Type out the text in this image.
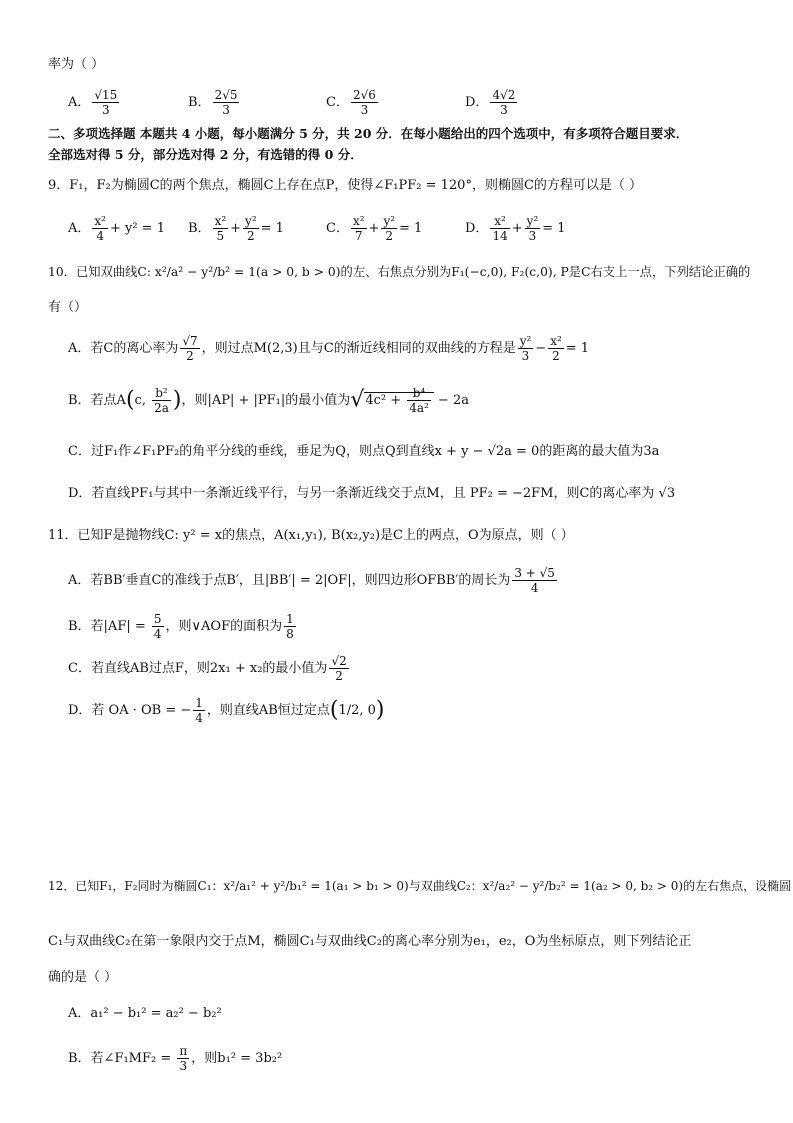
率为（ ）
A． $\frac{√15}{3}$	B． $\frac{2√5}{3}$	C． $\frac{2√6}{3}$	D． $\frac{4√2}{3}$
二、多项选择题 本题共 4 小题，每小题满分 5 分，共 20 分．在每小题给出的四个选项中，有多项符合题目要求．
全部选对得 5 分，部分选对得 2 分，有选错的得 0 分．
9．F₁，F₂为椭圆C的两个焦点，椭圆C上存在点P，使得∠F₁PF₂ = 120°，则椭圆C的方程可以是（ ）
A． $\frac{\text{x²}}{4} + y^2 = 1$ B． $\frac{\text{x²}}{5} + \frac{\text{y²}}{2} = 1$	C． $\frac{\text{x²}}{7} + \frac{\text{y²}}{2} = 1$	D． $\frac{\text{x²}}{14} + \frac{\text{y²}}{3} = 1$
10．已知双曲线C: x²/a² − y²/b² = 1(a > 0, b > 0)的左、右焦点分别为F₁(−c,0), F₂(c,0), P是C右支上一点，下列结论正确的
有（）
A．若C的离心率为 $\frac{√7}{2}$ ，则过点M(2,3)且与C的渐近线相同的双曲线的方程是 $\frac{\text{y²}}{3} - \frac{\text{x²}}{2} = 1$
B．若点A(c, $\frac{\text{b²}}{2a}$ )，则|AP| + |PF₁|的最小值为$√4c^2 + \frac{\text{b⁴}}{\text{4a²}} - 2a$
C．过F₁作∠F₁PF₂的角平分线的垂线，垂足为Q，则点Q到直线x + y − √2a = 0的距离的最大值为3a
D．若直线PF₁与其中一条渐近线平行，与另一条渐近线交于点M，且 PF₂ = −2FM，则C的离心率为 √3
11．已知F是抛物线C: y² = x的焦点，A(x₁,y₁), B(x₂,y₂)是C上的两点，O为原点，则（ ）
A．若BB′垂直C的准线于点B′，且|BB′| = 2|OF|，则四边形OFBB′的周长为 $\frac{3 + √5}{4}$
B．若$|AF| = \frac{5}{4}$ ，则∨AOF的面积为 $\frac{1}{8}$
C．若直线AB过点F，则2x₁ + x₂的最小值为 $\frac{√2}{2}$
D．若 OA · OB = − $\frac{1}{4}$ ，则直线AB恒过定点(1/2, 0)
12．已知F₁，F₂同时为椭圆C₁：x²/a₁² + y²/b₁² = 1(a₁ > b₁ > 0)与双曲线C₂：x²/a₂² − y²/b₂² = 1(a₂ > 0, b₂ > 0)的左右焦点，设椭圆
C₁与双曲线C₂在第一象限内交于点M，椭圆C₁与双曲线C₂的离心率分别为e₁，e₂，O为坐标原点，则下列结论正
确的是（ ）
A．a₁² − b₁² = a₂² − b₂²
B．若∠F₁MF₂ = $\frac{\pi}{3}$ ，则b₁² = 3b₂²
